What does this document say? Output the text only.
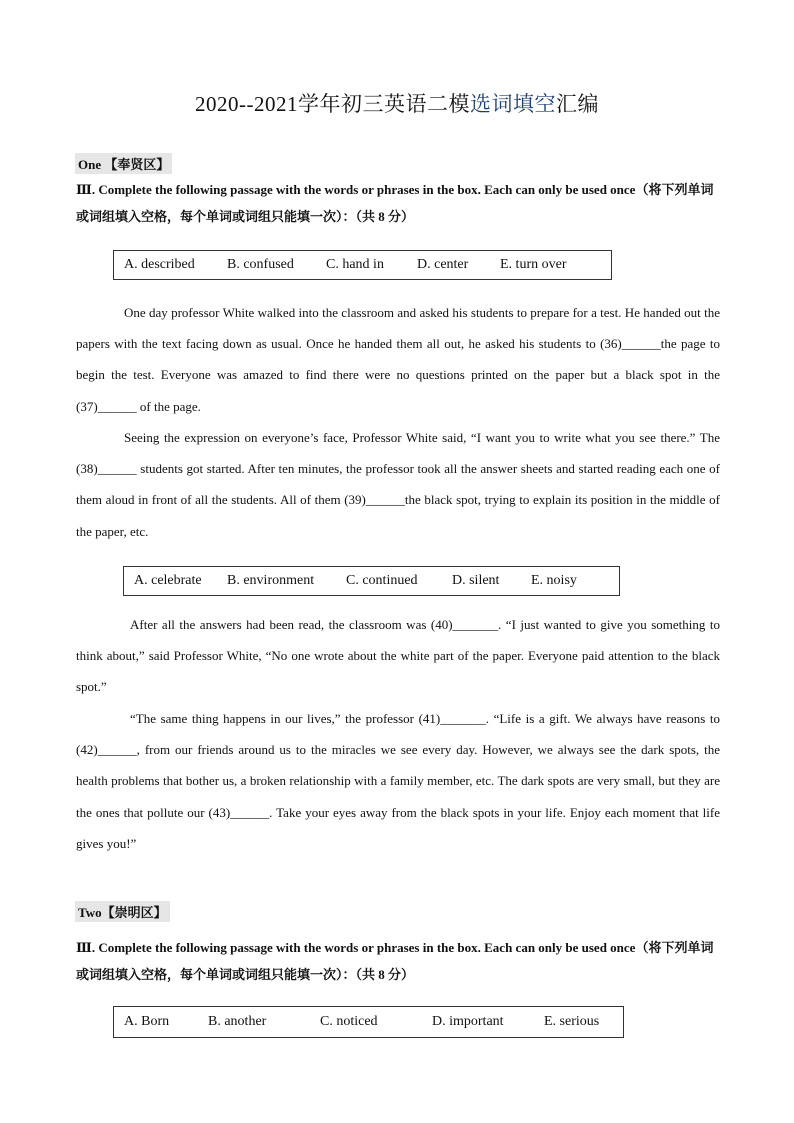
2020--2021学年初三英语二模选词填空汇编
One 【奉贤区】
Ⅲ. Complete the following passage with the words or phrases in the box. Each can only be used once（将下列单词或词组填入空格，每个单词或词组只能填一次）：（共 8 分）
A. described	B. confused	C. hand in	D. center	E. turn over

One day professor White walked into the classroom and asked his students to prepare for a test. He handed out the papers with the text facing down as usual. Once he handed them all out, he asked his students to (36)______the page to begin the test. Everyone was amazed to find there were no questions printed on the paper but a black spot in the (37)______ of the page.

Seeing the expression on everyone’s face, Professor White said, “I want you to write what you see there.” The (38)______ students got started. After ten minutes, the professor took all the answer sheets and started reading each one of them aloud in front of all the students. All of them (39)______the black spot, trying to explain its position in the middle of the paper, etc.

A. celebrate	B. environment	C. continued	D. silent	E. noisy

After all the answers had been read, the classroom was (40)_______. “I just wanted to give you something to think about,” said Professor White, “No one wrote about the white part of the paper. Everyone paid attention to the black spot.”

“The same thing happens in our lives,” the professor (41)_______. “Life is a gift. We always have reasons to (42)______, from our friends around us to the miracles we see every day. However, we always see the dark spots, the health problems that bother us, a broken relationship with a family member, etc. The dark spots are very small, but they are the ones that pollute our (43)______. Take your eyes away from the black spots in your life. Enjoy each moment that life gives you!”

Two【崇明区】
Ⅲ. Complete the following passage with the words or phrases in the box. Each can only be used once（将下列单词或词组填入空格，每个单词或词组只能填一次）：（共 8 分）
A. Born	B. another	C. noticed	D. important	E. serious
